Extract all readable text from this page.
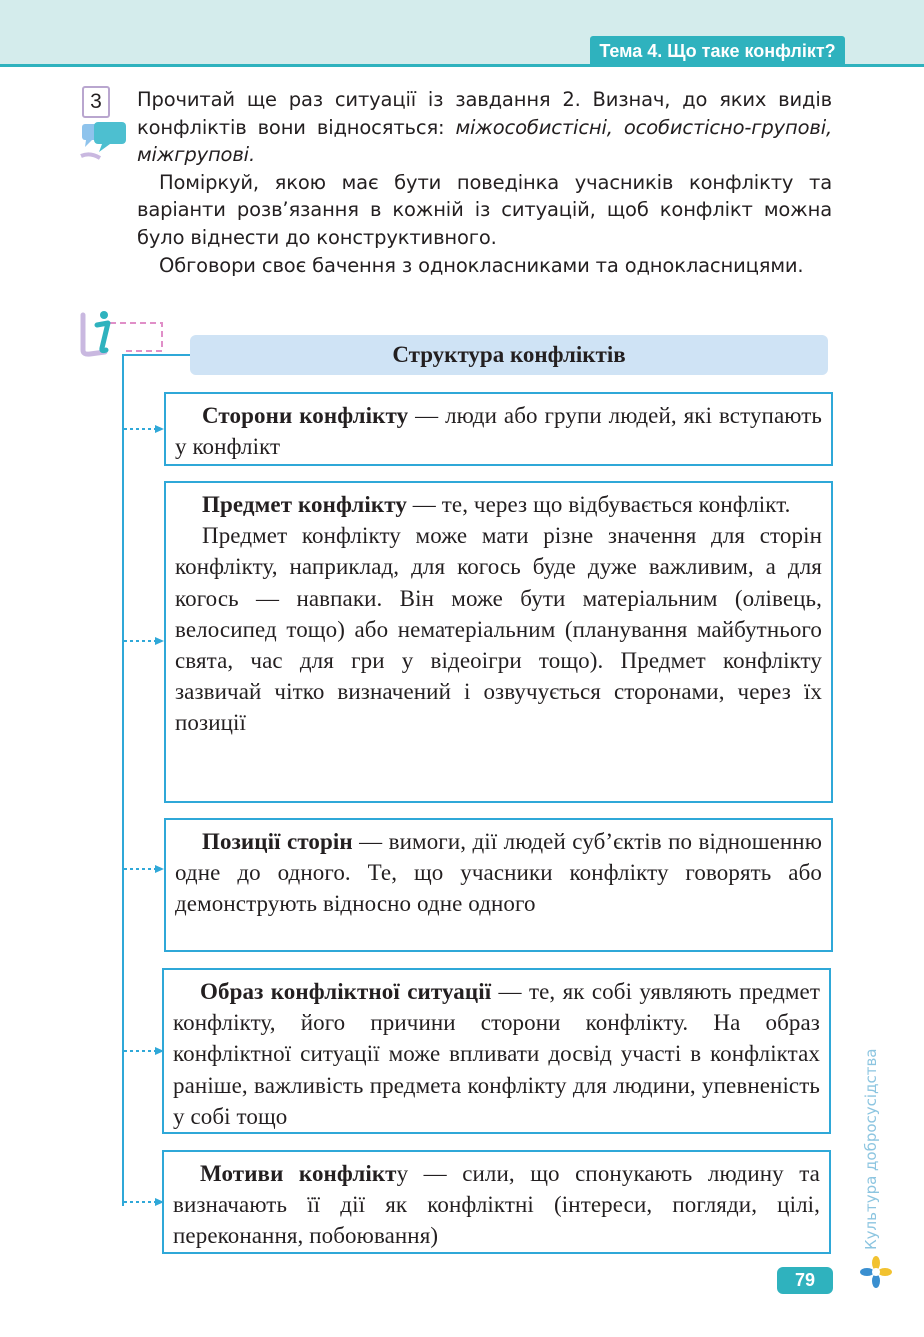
Тема 4. Що таке конфлікт?
3	Прочитай ще раз ситуації із завдання 2. Визнач, до яких видів конфліктів вони відносяться: міжособистісні, особистісно-групові, міжгрупові.

Поміркуй, якою має бути поведінка учасників конфлікту та варіанти розв’язання в кожній із ситуацій, щоб конфлікт можна було віднести до конструктивного.

Обговори своє бачення з однокласниками та однокласницями.

Структура конфліктів

Сторони конфлікту — люди або групи людей, які вступають у конфлікт

Предмет конфлікту — те, через що відбувається конфлікт.

Предмет конфлікту може мати різне значення для сторін конфлікту, наприклад, для когось буде дуже важливим, а для когось — навпаки. Він може бути матеріальним (олівець, велосипед тощо) або нематеріальним (планування майбутнього свята, час для гри у відеоігри тощо). Предмет конфлікту зазвичай чітко визначений і озвучується сторонами, через їх позиції

Позиції сторін — вимоги, дії людей суб’єктів по відношенню одне до одного. Те, що учасники конфлікту говорять або демонструють відносно одне одного

Образ конфліктної ситуації — те, як собі уявляють предмет конфлікту, його причини сторони конфлікту. На образ конфліктної ситуації може впливати досвід участі в конфліктах раніше, важливість предмета конфлікту для людини, упевненість у собі тощо

Мотиви конфлікту — сили, що спонукають людину та визначають її дії як конфліктні (інтереси, погляди, цілі, переконання, побоювання)

79
Культура добросусідства
